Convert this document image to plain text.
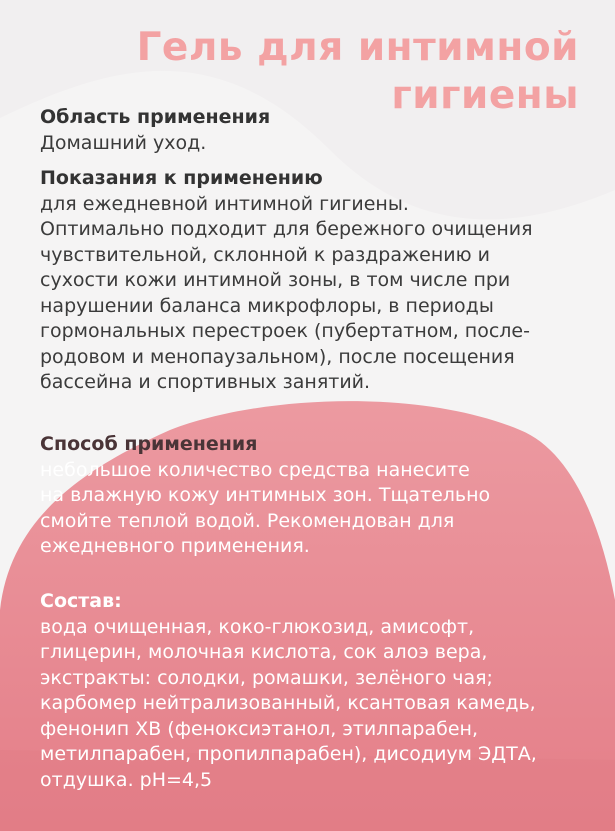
Гель для интимной
гигиены
Область применения

Домашний уход.

Показания к применению

для ежедневной интимной гигиены.
Оптимально подходит для бережного очищения
чувствительной, склонной к раздражению и
сухости кожи интимной зоны, в том числе при
нарушении баланса микрофлоры, в периоды
гормональных перестроек (пубертатном, после-
родовом и менопаузальном), после посещения
бассейна и спортивных занятий.

Способ применения

небольшое количество средства нанесите
на влажную кожу интимных зон. Тщательно
смойте теплой водой. Рекомендован для
ежедневного применения.

Состав:

вода очищенная, коко-глюкозид, амисофт,
глицерин, молочная кислота, сок алоэ вера,
экстракты: солодки, ромашки, зелёного чая;
карбомер нейтрализованный, ксантовая камедь,
фенонип ХВ (феноксиэтанол, этилпарабен,
метилпарабен, пропилпарабен), дисодиум ЭДТА,
отдушка. pH=4,5
